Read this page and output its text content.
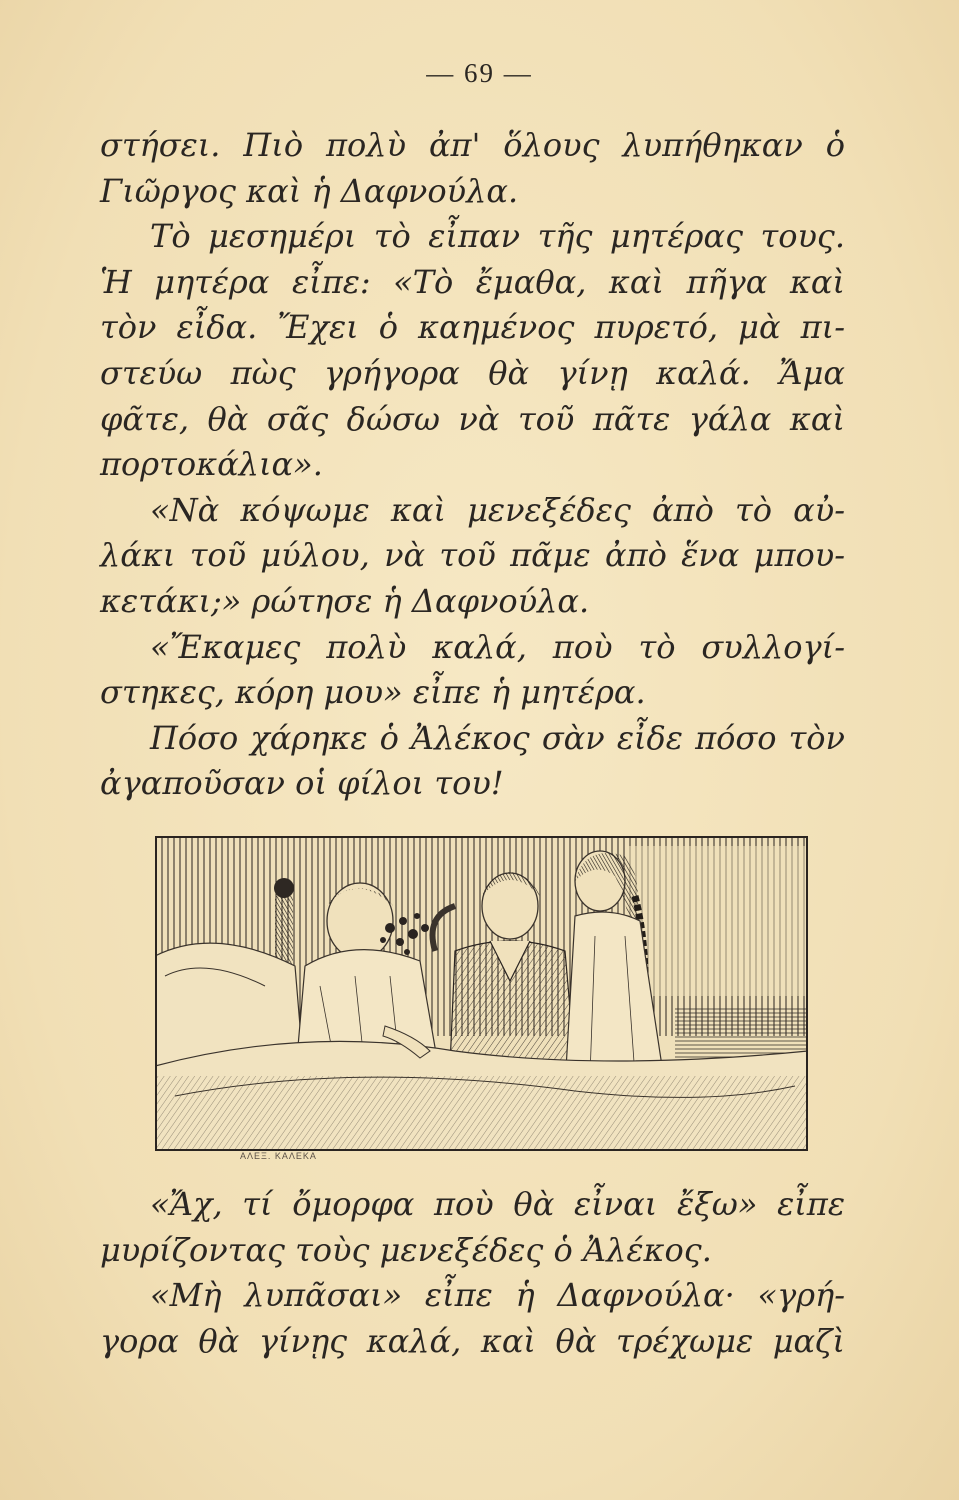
— 69 —
στήσει. Πιὸ πολὺ ἀπ' ὅλους λυπήθηκαν ὁ
Γιῶργος καὶ ἡ Δαφνούλα.
Τὸ μεσημέρι τὸ εἶπαν τῆς μητέρας τους.
Ἡ μητέρα εἶπε: «Τὸ ἔμαθα, καὶ πῆγα καὶ
τὸν εἶδα. Ἔχει ὁ καημένος πυρετό, μὰ πι-
στεύω πὼς γρήγορα θὰ γίνῃ καλά. Ἄμα
φᾶτε, θὰ σᾶς δώσω νὰ τοῦ πᾶτε γάλα καὶ
πορτοκάλια».
«Νὰ κόψωμε καὶ μενεξέδες ἀπὸ τὸ αὐ-
λάκι τοῦ μύλου, νὰ τοῦ πᾶμε ἀπὸ ἕνα μπου-
κετάκι;» ρώτησε ἡ Δαφνούλα.
«Ἔκαμες πολὺ καλά, ποὺ τὸ συλλογί-
στηκες, κόρη μου» εἶπε ἡ μητέρα.
Πόσο χάρηκε ὁ Ἀλέκος σὰν εἶδε πόσο τὸν
ἀγαποῦσαν οἱ φίλοι του!
ΑΛΕΞ. ΚΑΛΕΚΑ
«Ἄχ, τί ὄμορφα ποὺ θὰ εἶναι ἔξω» εἶπε
μυρίζοντας τοὺς μενεξέδες ὁ Ἀλέκος.
«Μὴ λυπᾶσαι» εἶπε ἡ Δαφνούλα· «γρή-
γορα θὰ γίνῃς καλά, καὶ θὰ τρέχωμε μαζὶ
